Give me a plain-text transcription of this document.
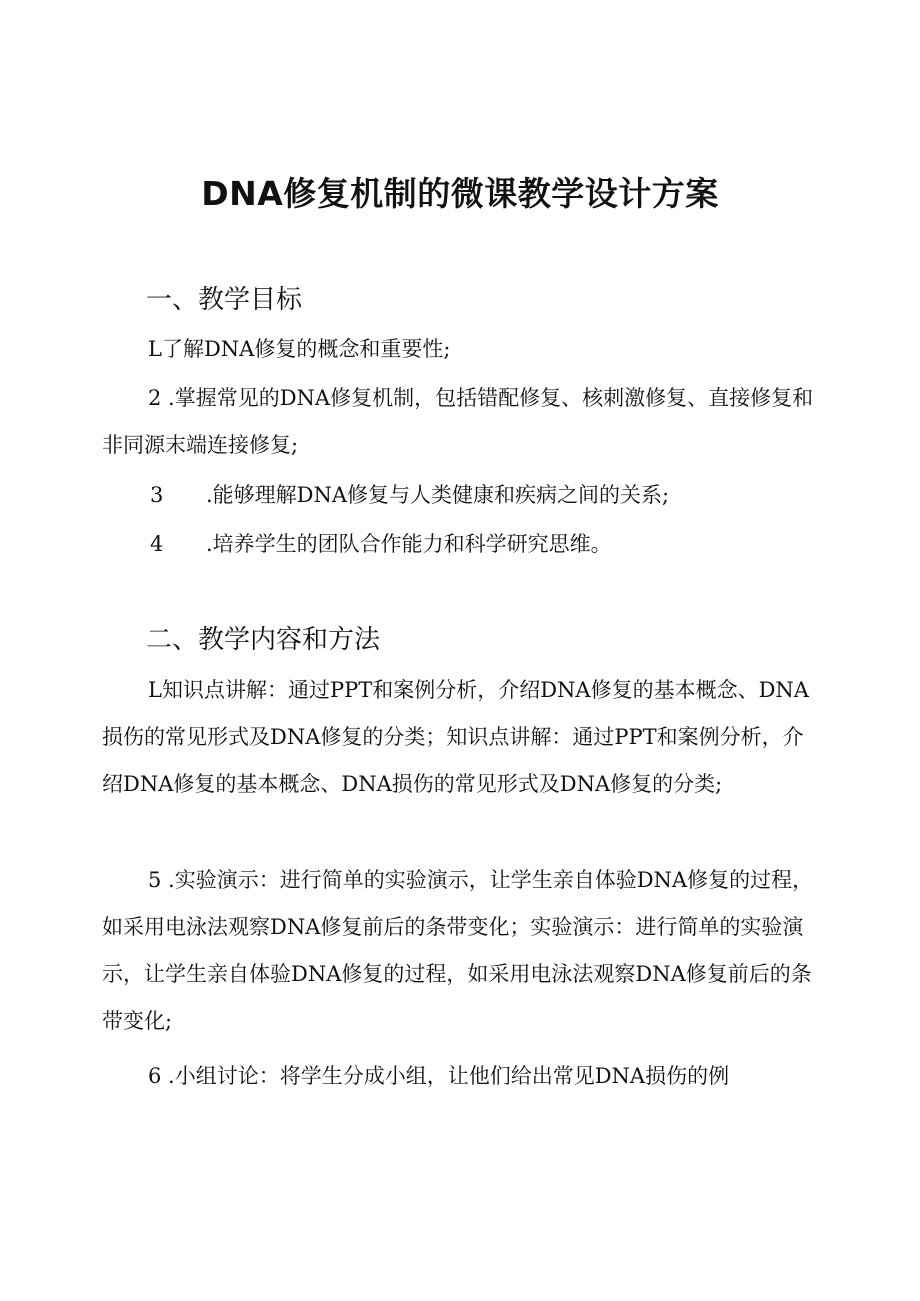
DNA修复机制的微课教学设计方案
一、教学目标

L了解DNA修复的概念和重要性;

2 .掌握常见的DNA修复机制，包括错配修复、核刺激修复、直接修复和非同源末端连接修复;

3 .能够理解DNA修复与人类健康和疾病之间的关系;

4 .培养学生的团队合作能力和科学研究思维。

二、教学内容和方法

L知识点讲解：通过PPT和案例分析，介绍DNA修复的基本概念、DNA损伤的常见形式及DNA修复的分类；知识点讲解：通过PPT和案例分析，介绍DNA修复的基本概念、DNA损伤的常见形式及DNA修复的分类;

5 .实验演示：进行简单的实验演示，让学生亲自体验DNA修复的过程，如采用电泳法观察DNA修复前后的条带变化；实验演示：进行简单的实验演示，让学生亲自体验DNA修复的过程，如采用电泳法观察DNA修复前后的条带变化;

6 .小组讨论：将学生分成小组，让他们给出常见DNA损伤的例
